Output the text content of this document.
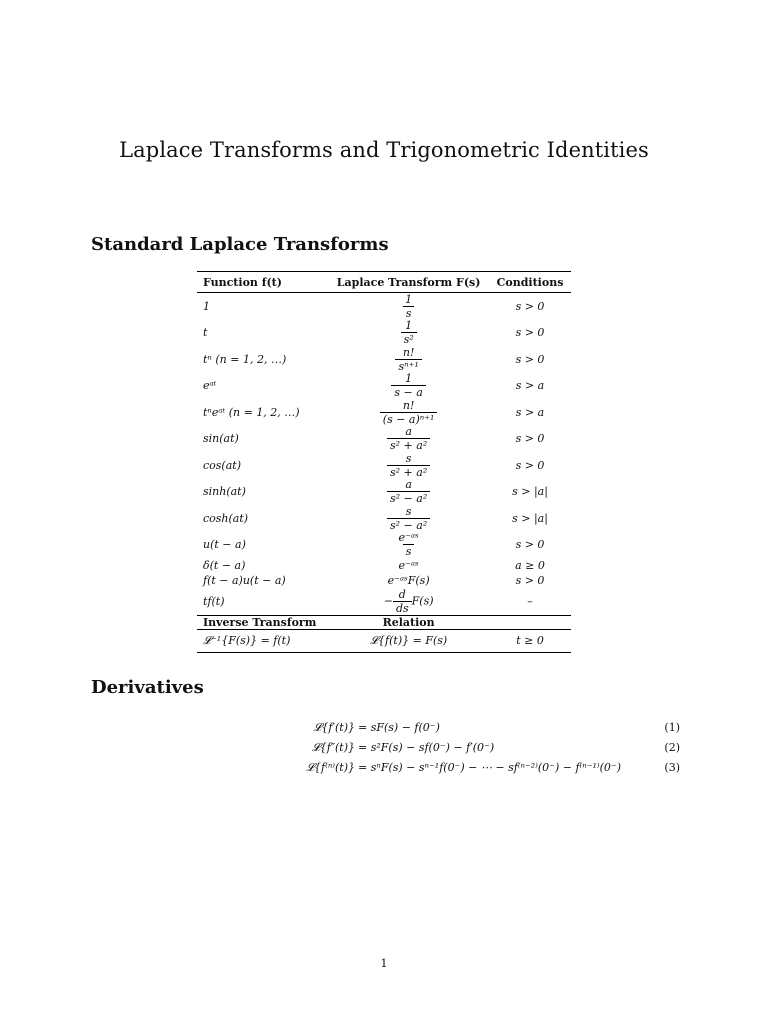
Laplace Transforms and Trigonometric Identities
Standard Laplace Transforms
Function f(t)	Laplace Transform F(s)	Conditions
1	$\frac{1}{s}$	s > 0
t	$\frac{1}{\text{s²}}$	s > 0
tⁿ (n = 1, 2, …)	$\frac{n!}{\text{sⁿ⁺¹}}$	s > 0
eᵃᵗ	$\frac{1}{s - a}$	s > a
tⁿeᵃᵗ (n = 1, 2, …)	$\frac{n!}{\text{(s − a)ⁿ⁺¹}}$	s > a
sin(at)	$\frac{a}{\text{s² + a²}}$	s > 0
cos(at)	$\frac{s}{\text{s² + a²}}$	s > 0
sinh(at)	$\frac{a}{\text{s² − a²}}$	s > |a|
cosh(at)	$\frac{s}{\text{s² − a²}}$	s > |a|
u(t − a)	$\frac{\text{e⁻ᵃˢ}}{s}$	s > 0
δ(t − a)	e⁻ᵃˢ	a ≥ 0
f(t − a)u(t − a)	e⁻ᵃˢF(s)	s > 0
tf(t)	− $\frac{d}{ds} F(s)$	–
Inverse Transform	Relation	
𝓛⁻¹{F(s)} = f(t)	𝓛{f(t)} = F(s)	t ≥ 0
Derivatives
𝓛{f′(t)} = sF(s) − f(0⁻)	(1)
𝓛{f″(t)} = s²F(s) − sf(0⁻) − f′(0⁻)	(2)
𝓛{f⁽ⁿ⁾(t)} = sⁿF(s) − sⁿ⁻¹f(0⁻) − ⋯ − sf⁽ⁿ⁻²⁾(0⁻) − f⁽ⁿ⁻¹⁾(0⁻)	(3)
1
